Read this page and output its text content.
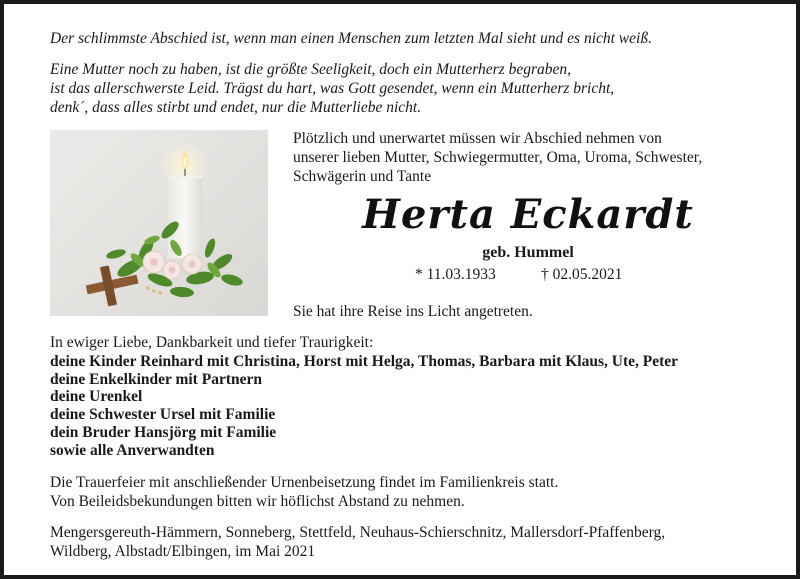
Der schlimmste Abschied ist, wenn man einen Menschen zum letzten Mal sieht und es nicht weiß.

Eine Mutter noch zu haben, ist die größte Seeligkeit, doch ein Mutterherz begraben,
ist das allerschwerste Leid. Trägst du hart, was Gott gesendet, wenn ein Mutterherz bricht,
denk´, dass alles stirbt und endet, nur die Mutterliebe nicht.

Plötzlich und unerwartet müssen wir Abschied nehmen von
unserer lieben Mutter, Schwiegermutter, Oma, Uroma, Schwester,
Schwägerin und Tante

Herta Eckardt
geb. Hummel
* 11.03.1933	† 02.05.2021
Sie hat ihre Reise ins Licht angetreten.
In ewiger Liebe, Dankbarkeit und tiefer Traurigkeit:
deine Kinder Reinhard mit Christina, Horst mit Helga, Thomas, Barbara mit Klaus, Ute, Peter
deine Enkelkinder mit Partnern
deine Urenkel
deine Schwester Ursel mit Familie
dein Bruder Hansjörg mit Familie
sowie alle Anverwandten

Die Trauerfeier mit anschließender Urnenbeisetzung findet im Familienkreis statt.
Von Beileidsbekundungen bitten wir höflichst Abstand zu nehmen.

Mengersgereuth-Hämmern, Sonneberg, Stettfeld, Neuhaus-Schierschnitz, Mallersdorf-Pfaffenberg,
Wildberg, Albstadt/Elbingen, im Mai 2021
